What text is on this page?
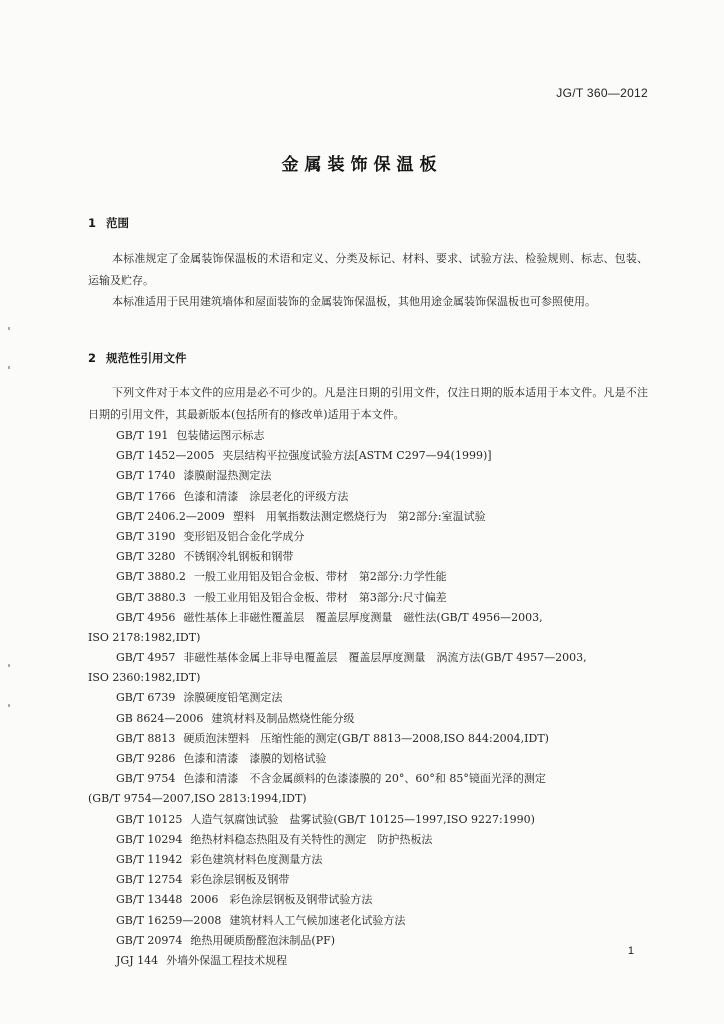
JG/T 360—2012
金属装饰保温板
1 范围
本标准规定了金属装饰保温板的术语和定义、分类及标记、材料、要求、试验方法、检验规则、标志、包装、运输及贮存。
本标准适用于民用建筑墙体和屋面装饰的金属装饰保温板，其他用途金属装饰保温板也可参照使用。
2 规范性引用文件
下列文件对于本文件的应用是必不可少的。凡是注日期的引用文件，仅注日期的版本适用于本文件。凡是不注日期的引用文件，其最新版本(包括所有的修改单)适用于本文件。
GB/T 191 包装储运图示标志
GB/T 1452—2005 夹层结构平拉强度试验方法[ASTM C297—94(1999)]
GB/T 1740 漆膜耐湿热测定法
GB/T 1766 色漆和清漆　涂层老化的评级方法
GB/T 2406.2—2009 塑料　用氧指数法测定燃烧行为　第2部分:室温试验
GB/T 3190 变形铝及铝合金化学成分
GB/T 3280 不锈钢冷轧钢板和钢带
GB/T 3880.2 一般工业用铝及铝合金板、带材　第2部分:力学性能
GB/T 3880.3 一般工业用铝及铝合金板、带材　第3部分:尺寸偏差
GB/T 4956 磁性基体上非磁性覆盖层　覆盖层厚度测量　磁性法(GB/T 4956—2003,
ISO 2178:1982,IDT)
GB/T 4957 非磁性基体金属上非导电覆盖层　覆盖层厚度测量　涡流方法(GB/T 4957—2003,
ISO 2360:1982,IDT)
GB/T 6739 涂膜硬度铅笔测定法
GB 8624—2006 建筑材料及制品燃烧性能分级
GB/T 8813 硬质泡沫塑料　压缩性能的测定(GB/T 8813—2008,ISO 844:2004,IDT)
GB/T 9286 色漆和清漆　漆膜的划格试验
GB/T 9754 色漆和清漆　不含金属颜料的色漆漆膜的 20°、60°和 85°镜面光泽的测定
(GB/T 9754—2007,ISO 2813:1994,IDT)
GB/T 10125 人造气氛腐蚀试验　盐雾试验(GB/T 10125—1997,ISO 9227:1990)
GB/T 10294 绝热材料稳态热阻及有关特性的测定　防护热板法
GB/T 11942 彩色建筑材料色度测量方法
GB/T 12754 彩色涂层钢板及钢带
GB/T 13448 2006　彩色涂层钢板及钢带试验方法
GB/T 16259—2008 建筑材料人工气候加速老化试验方法
GB/T 20974 绝热用硬质酚醛泡沫制品(PF)
JGJ 144 外墙外保温工程技术规程
1
